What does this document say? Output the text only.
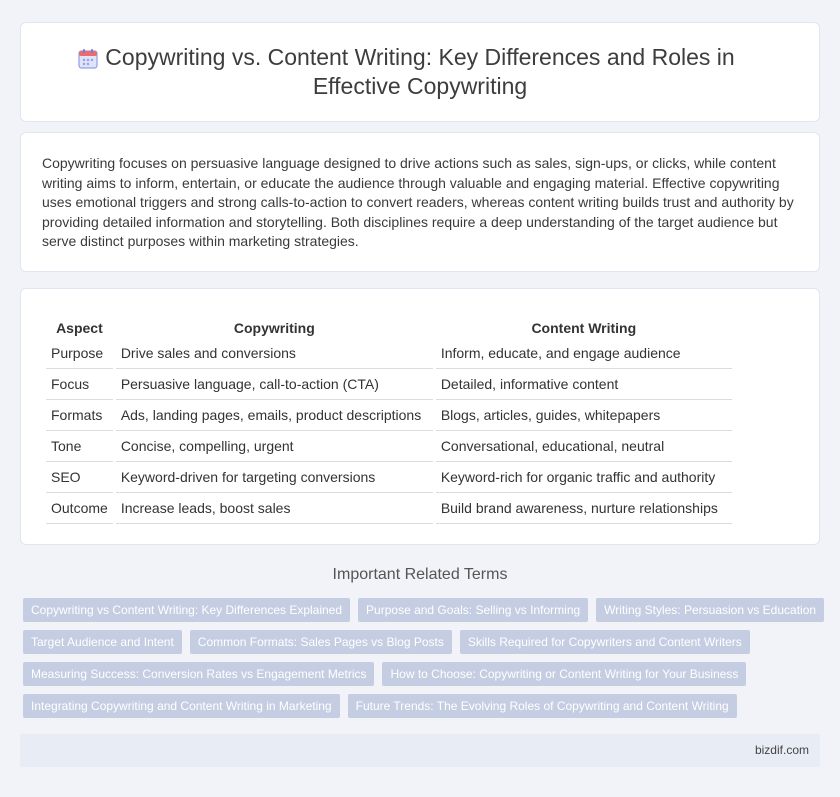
Copywriting vs. Content Writing: Key Differences and Roles in Effective Copywriting

Copywriting focuses on persuasive language designed to drive actions such as sales, sign-ups, or clicks, while content writing aims to inform, entertain, or educate the audience through valuable and engaging material. Effective copywriting uses emotional triggers and strong calls-to-action to convert readers, whereas content writing builds trust and authority by providing detailed information and storytelling. Both disciplines require a deep understanding of the target audience but serve distinct purposes within marketing strategies.

Aspect	Copywriting	Content Writing
Purpose	Drive sales and conversions	Inform, educate, and engage audience
Focus	Persuasive language, call-to-action (CTA)	Detailed, informative content
Formats	Ads, landing pages, emails, product descriptions	Blogs, articles, guides, whitepapers
Tone	Concise, compelling, urgent	Conversational, educational, neutral
SEO	Keyword-driven for targeting conversions	Keyword-rich for organic traffic and authority
Outcome	Increase leads, boost sales	Build brand awareness, nurture relationships
Important Related Terms
Copywriting vs Content Writing: Key Differences Explained	Purpose and Goals: Selling vs Informing	Writing Styles: Persuasion vs Education
Target Audience and Intent	Common Formats: Sales Pages vs Blog Posts	Skills Required for Copywriters and Content Writers
Measuring Success: Conversion Rates vs Engagement Metrics	How to Choose: Copywriting or Content Writing for Your Business
Integrating Copywriting and Content Writing in Marketing	Future Trends: The Evolving Roles of Copywriting and Content Writing
bizdif.com
